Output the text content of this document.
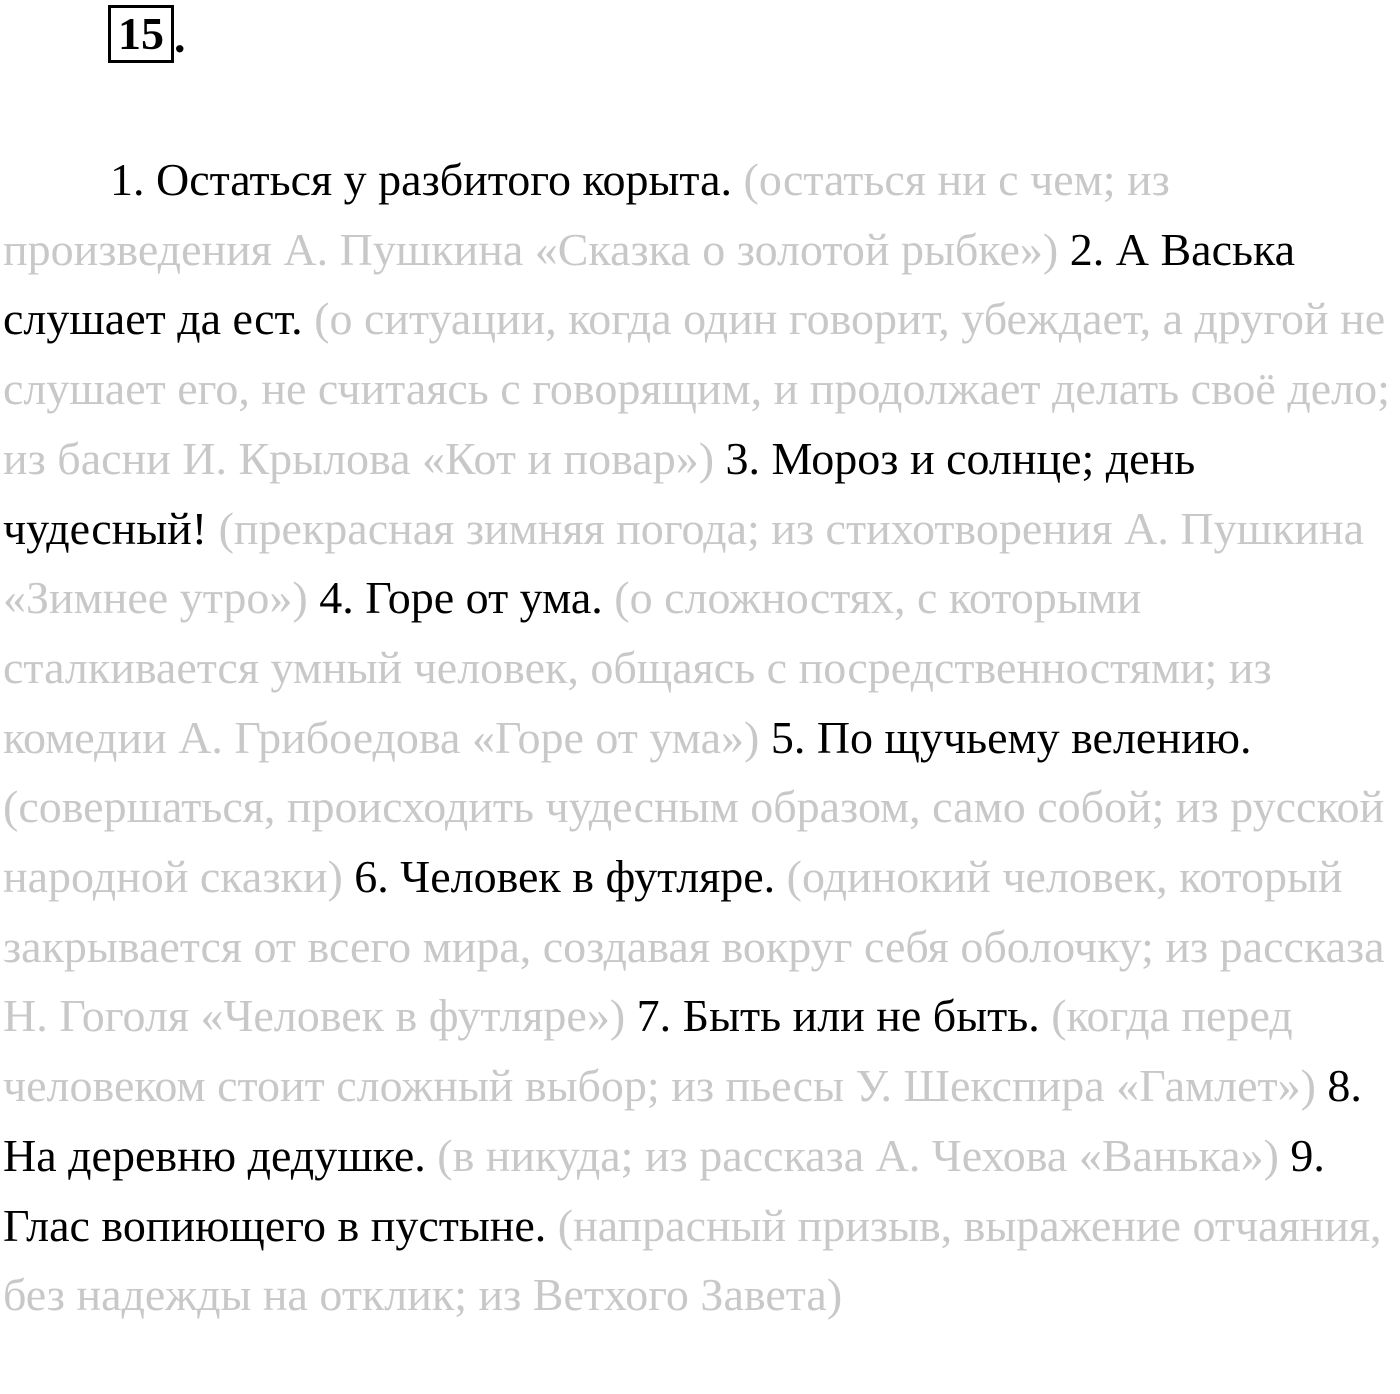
15 .

1. Остаться у разбитого корыта. (остаться ни с чем; из произведения А. Пушкина «Сказка о золотой рыбке») 2. А Васька слушает да ест. (о ситуации, когда один говорит, убеждает, а другой не слушает его, не считаясь с говорящим, и продолжает делать своё дело; из басни И. Крылова «Кот и повар») 3. Мороз и солнце; день чудесный! (прекрасная зимняя погода; из стихотворения А. Пушкина «Зимнее утро») 4. Горе от ума. (о сложностях, с которыми сталкивается умный человек, общаясь с посредственностями; из комедии А. Грибоедова «Горе от ума») 5. По щучьему велению. (совершаться, происходить чудесным образом, само собой; из русской народной сказки) 6. Человек в футляре. (одинокий человек, который закрывается от всего мира, создавая вокруг себя оболочку; из рассказа Н. Гоголя «Человек в футляре») 7. Быть или не быть. (когда перед человеком стоит сложный выбор; из пьесы У. Шекспира «Гамлет») 8. На деревню дедушке. (в никуда; из рассказа А. Чехова «Ванька») 9. Глас вопиющего в пустыне. (напрасный призыв, выражение отчаяния, без надежды на отклик; из Ветхого Завета)
